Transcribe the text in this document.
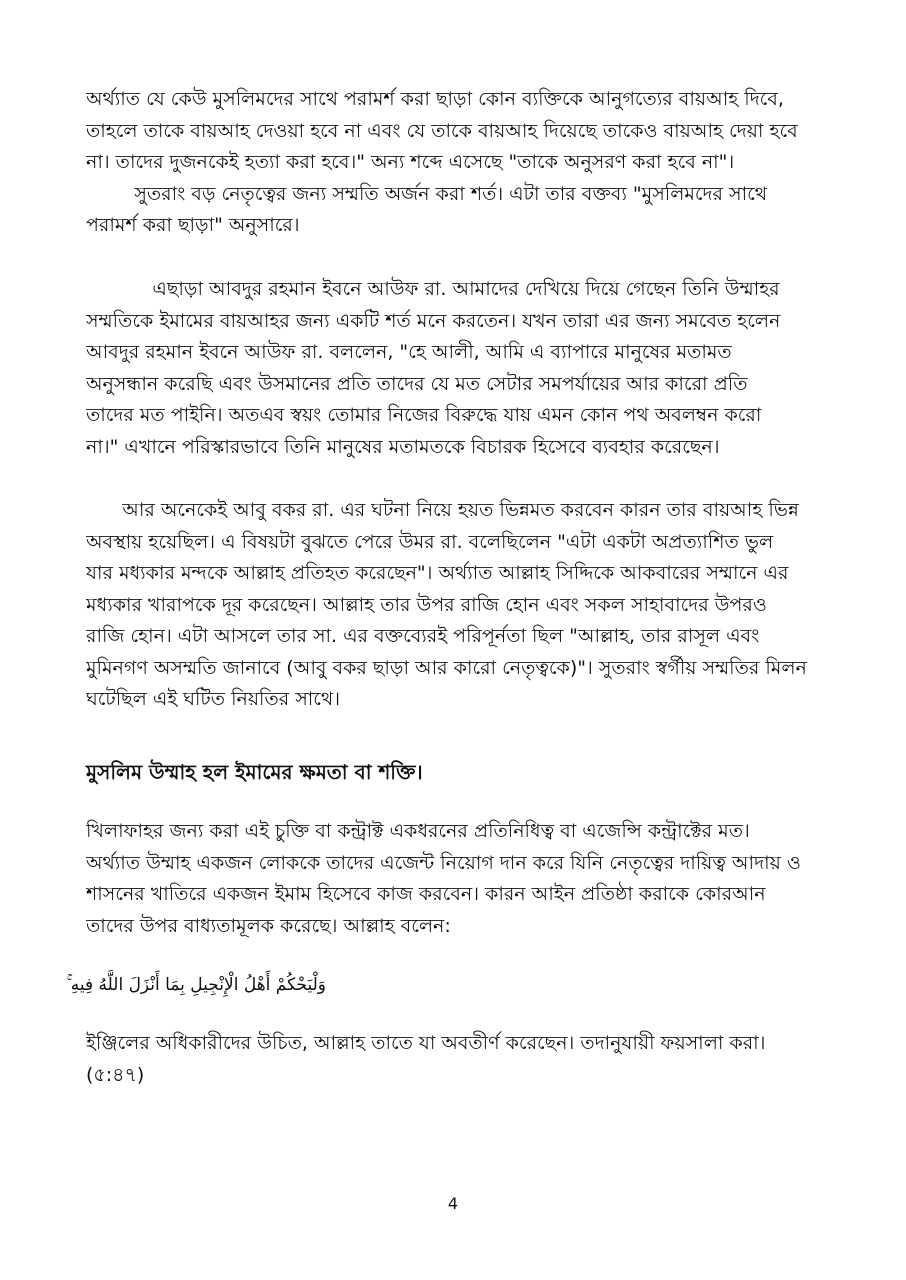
অর্থ্যাত যে কেউ মুসলিমদের সাথে পরামর্শ করা ছাড়া কোন ব্যক্তিকে আনুগত্যের বায়আহ দিবে,
তাহলে তাকে বায়আহ দেওয়া হবে না এবং যে তাকে বায়আহ দিয়েছে তাকেও বায়আহ দেয়া হবে
না। তাদের দুজনকেই হত্যা করা হবে।" অন্য শব্দে এসেছে "তাকে অনুসরণ করা হবে না"।
সুতরাং বড় নেতৃত্বের জন্য সম্মতি অর্জন করা শর্ত। এটা তার বক্তব্য "মুসলিমদের সাথে
পরামর্শ করা ছাড়া" অনুসারে।
এছাড়া আবদুর রহমান ইবনে আউফ রা. আমাদের দেখিয়ে দিয়ে গেছেন তিনি উম্মাহর
সম্মতিকে ইমামের বায়আহর জন্য একটি শর্ত মনে করতেন। যখন তারা এর জন্য সমবেত হলেন
আবদুর রহমান ইবনে আউফ রা. বললেন, "হে আলী, আমি এ ব্যাপারে মানুষের মতামত
অনুসন্ধান করেছি এবং উসমানের প্রতি তাদের যে মত সেটার সমপর্যায়ের আর কারো প্রতি
তাদের মত পাইনি। অতএব স্বয়ং তোমার নিজের বিরুদ্ধে যায় এমন কোন পথ অবলম্বন করো
না।" এখানে পরিস্কারভাবে তিনি মানুষের মতামতকে বিচারক হিসেবে ব্যবহার করেছেন।
আর অনেকেই আবু বকর রা. এর ঘটনা নিয়ে হয়ত ভিন্নমত করবেন কারন তার বায়আহ ভিন্ন
অবস্থায় হয়েছিল। এ বিষয়টা বুঝতে পেরে উমর রা. বলেছিলেন "এটা একটা অপ্রত্যাশিত ভুল
যার মধ্যকার মন্দকে আল্লাহ প্রতিহত করেছেন"। অর্থ্যাত আল্লাহ সিদ্দিকে আকবারের সম্মানে এর
মধ্যকার খারাপকে দূর করেছেন। আল্লাহ তার উপর রাজি হোন এবং সকল সাহাবাদের উপরও
রাজি হোন। এটা আসলে তার সা. এর বক্তব্যেরই পরিপূর্নতা ছিল "আল্লাহ, তার রাসূল এবং
মুমিনগণ অসম্মতি জানাবে (আবু বকর ছাড়া আর কারো নেতৃত্বকে)"। সুতরাং স্বর্গীয় সম্মতির মিলন
ঘটেছিল এই ঘটিত নিয়তির সাথে।
মুসলিম উম্মাহ হল ইমামের ক্ষমতা বা শক্তি।
খিলাফাহর জন্য করা এই চুক্তি বা কন্ট্রাক্ট একধরনের প্রতিনিধিত্ব বা এজেন্সি কন্ট্রাক্টের মত।
অর্থ্যাত উম্মাহ একজন লোককে তাদের এজেন্ট নিয়োগ দান করে যিনি নেতৃত্বের দায়িত্ব আদায় ও
শাসনের খাতিরে একজন ইমাম হিসেবে কাজ করবেন। কারন আইন প্রতিষ্ঠা করাকে কোরআন
তাদের উপর বাধ্যতামূলক করেছে। আল্লাহ বলেন:
وَلْيَحْكُمْ أَهْلُ الْإِنْجِيلِ بِمَا أَنْزَلَ اللَّهُ فِيهِ ۚ
ইঞ্জিলের অধিকারীদের উচিত, আল্লাহ তাতে যা অবতীর্ণ করেছেন। তদানুযায়ী ফয়সালা করা।
(৫:৪৭)
4
